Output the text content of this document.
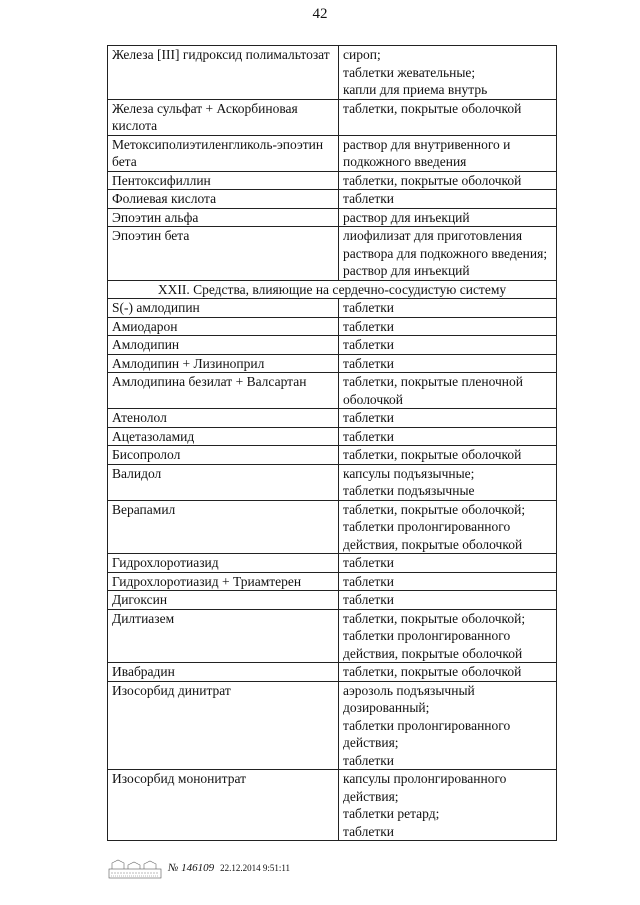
42
Железа [III] гидроксид полимальтозат	сироп;
таблетки жевательные;
капли для приема внутрь
Железа сульфат + Аскорбиновая кислота	таблетки, покрытые оболочкой
Метоксиполиэтиленгликоль-эпоэтин бета	раствор для внутривенного и
подкожного введения
Пентоксифиллин	таблетки, покрытые оболочкой
Фолиевая кислота	таблетки
Эпоэтин альфа	раствор для инъекций
Эпоэтин бета	лиофилизат для приготовления
раствора для подкожного введения;
раствор для инъекций
XXII. Средства, влияющие на сердечно-сосудистую систему	
S(-) амлодипин	таблетки
Амиодарон	таблетки
Амлодипин	таблетки
Амлодипин + Лизиноприл	таблетки
Амлодипина безилат + Валсартан	таблетки, покрытые пленочной
оболочкой
Атенолол	таблетки
Ацетазоламид	таблетки
Бисопролол	таблетки, покрытые оболочкой
Валидол	капсулы подъязычные;
таблетки подъязычные
Верапамил	таблетки, покрытые оболочкой;
таблетки пролонгированного
действия, покрытые оболочкой
Гидрохлоротиазид	таблетки
Гидрохлоротиазид + Триамтерен	таблетки
Дигоксин	таблетки
Дилтиазем	таблетки, покрытые оболочкой;
таблетки пролонгированного
действия, покрытые оболочкой
Ивабрадин	таблетки, покрытые оболочкой
Изосорбид динитрат	аэрозоль подъязычный дозированный;
таблетки пролонгированного
действия;
таблетки
Изосорбид мононитрат	капсулы пролонгированного
действия;
таблетки ретард;
таблетки
№ 146109 22.12.2014 9:51:11
